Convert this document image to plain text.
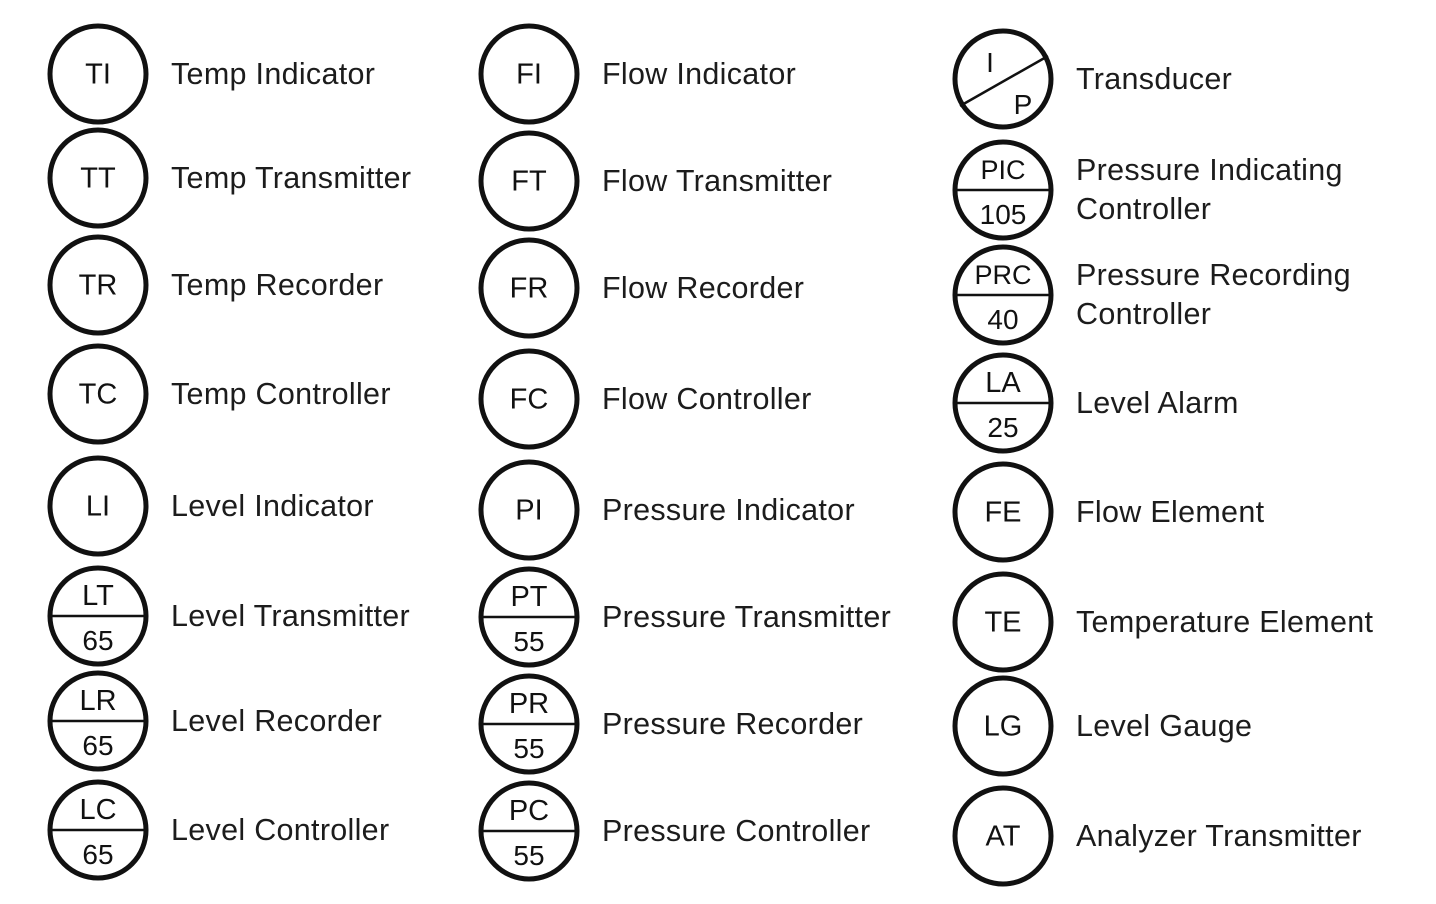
TI Temp Indicator
TT Temp Transmitter
TR Temp Recorder
TC Temp Controller
LI Level Indicator
LT
65
Level Transmitter
LR
65
Level Recorder
LC
65
Level Controller
FI Flow Indicator
FT Flow Transmitter
FR Flow Recorder
FC Flow Controller
PI Pressure Indicator
PT
55
Pressure Transmitter
PR
55
Pressure Recorder
PC
55
Pressure Controller
I
P
Transducer
PIC
105
Pressure Indicating
Controller
PRC
40
Pressure Recording
Controller
LA
25
Level Alarm
FE Flow Element
TE Temperature Element
LG Level Gauge
AT Analyzer Transmitter
